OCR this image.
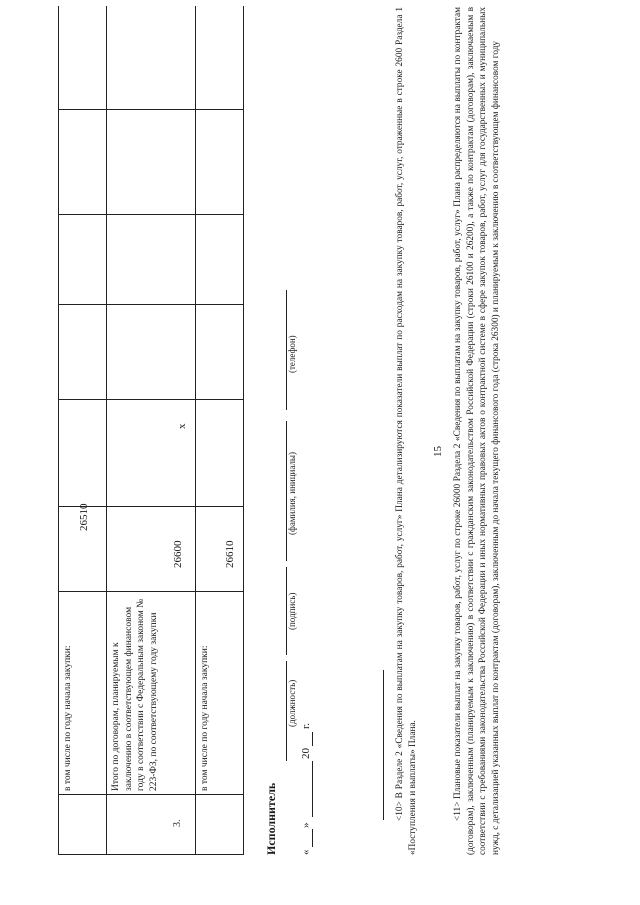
15
в том числе по году начала закупки:
26510
3.
Итого по договорам, планируемым к заключению в соответствующем финансовом году в соответствии с Федеральным законом № 223-ФЗ, по соответствующему году закупки
26600
х
в том числе по году начала закупки:
26610
Исполнитель
(должность)
(подпись)
(фамилия, инициалы)
(телефон)
«
»
20
г.	<10> В Разделе 2 «Сведения по выплатам на закупку товаров, работ, услуг» Плана детализируются показатели выплат по расходам на закупку товаров, работ, услуг, отраженные в строке 2600 Раздела 1 «Поступления и выплаты» Плана.	<11> Плановые показатели выплат на закупку товаров, работ, услуг по строке 26000 Раздела 2 «Сведения по выплатам на закупку товаров, работ, услуг» Плана распределяются на выплаты по контрактам (договорам), заключенным (планируемым к заключению) в соответствии с гражданским законодательством Российской Федерации (строки 26100 и 26200), а также по контрактам (договорам), заключаемым в соответствии с требованиями законодательства Российской Федерации и иных нормативных правовых актов о контрактной системе в сфере закупок товаров, работ, услуг для государственных и муниципальных нужд, с детализацией указанных выплат по контрактам (договорам), заключенным до начала текущего финансового года (строка 26300) и планируемым к заключению в соответствующем финансовом году
